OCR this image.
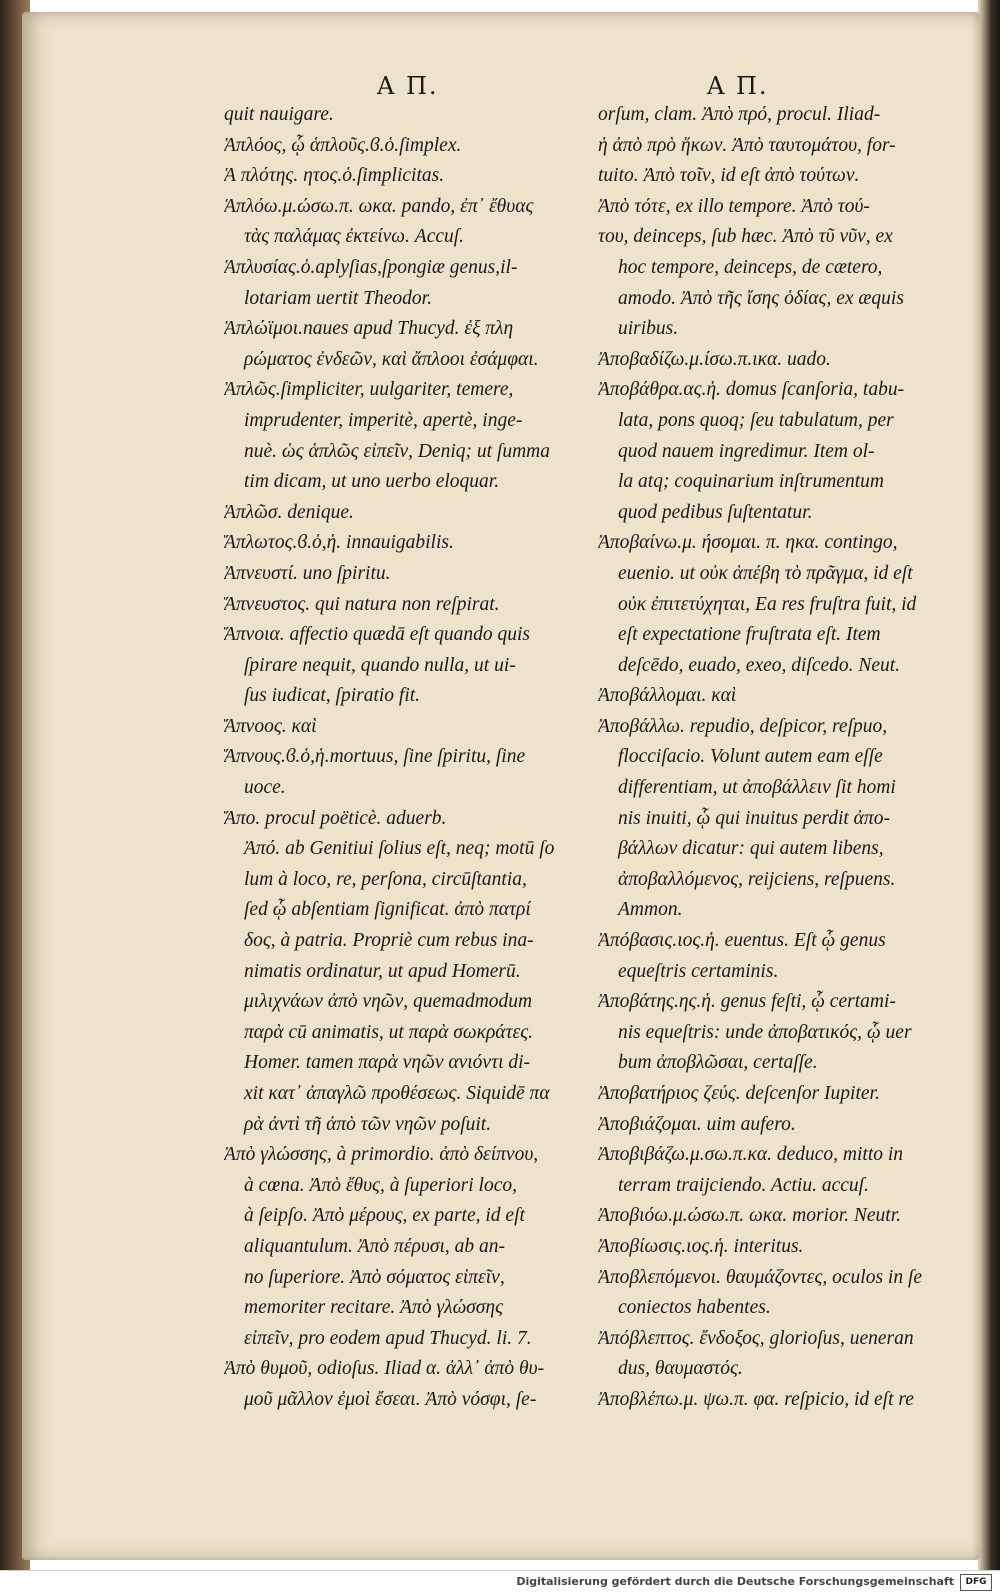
A Π.	A Π.
quit nauigare.
Ἁπλόος, ᾧ ἁπλοῦς.ϐ.ὁ.ſimplex.
Ἁ πλότης. ητος.ὁ.ſimplicitas.
Ἁπλόω.μ.ώσω.π. ωκα. pando, ἐπ᾿ ἔθυας
τὰς παλάμας ἐκτείνω. Accuſ.
Ἁπλυσίας.ὁ.aplyſias,ſpongiæ genus,il-
lotariam uertit Theodor.
Ἁπλώϊμοι.naues apud Thucyd. ἐξ πλη
ρώματος ἐνδεῶν, καὶ ἄπλοοι ἐσάμφαι.
Ἁπλῶς.ſimpliciter, uulgariter, temere,
imprudenter, imperitè, apertè, inge-
nuè. ὡς ἁπλῶς εἰπεῖν, Deniq; ut ſumma
tim dicam, ut uno uerbo eloquar.
Ἁπλῶσ. denique.
Ἄπλωτος.ϐ.ὁ,ἡ. innauigabilis.
Ἀπνευστί. uno ſpiritu.
Ἄπνευστος. qui natura non reſpirat.
Ἄπνοια. affectio quædā eſt quando quis
ſpirare nequit, quando nulla, ut ui-
ſus iudicat, ſpiratio fit.
Ἄπνοος. καὶ
Ἄπνους.ϐ.ὁ,ἡ.mortuus, ſine ſpiritu, ſine
uoce.
Ἄπο. procul poëticè. aduerb.
Ἀπό. ab Genitiui ſolius eſt, neq; motū ſo
lum à loco, re, perſona, circūſtantia,
ſed ᾧ abſentiam ſignificat. ἀπὸ πατρί
δος, à patria. Propriè cum rebus ina-
nimatis ordinatur, ut apud Homerū.
μιλιχνάων ἀπὸ νηῶν, quemadmodum
παρὰ cū animatis, ut παρὰ σωκράτες.
Homer. tamen παρὰ νηῶν ανιόντι di-
xit κατ᾿ ἀπαγλῶ προθέσεως. Siquidē πα
ρὰ ἀντὶ τῆ ἀπὸ τῶν νηῶν poſuit.
Ἀπὸ γλώσσης, à primordio. ἀπὸ δείπνου,
à cœna. Ἀπὸ ἔθυς, à ſuperiori loco,
à ſeipſo. Ἀπὸ μέρους, ex parte, id eſt
aliquantulum. Ἀπὸ πέρυσι, ab an-
no ſuperiore. Ἀπὸ σόματος εἰπεῖν,
memoriter recitare. Ἀπὸ γλώσσης
εἰπεῖν, pro eodem apud Thucyd. li. 7.
Ἀπὸ θυμοῦ, odioſus. Iliad α. ἀλλ᾿ ἀπὸ θυ-
μοῦ μᾶλλον ἐμοὶ ἔσεαι. Ἀπὸ νόσφι, ſe-
orſum, clam. Ἀπὸ πρό, procul. Iliad-
ἡ ἀπὸ πρὸ ἥκων. Ἀπὸ ταυτομάτου, for-
tuito. Ἀπὸ τοῖν, id eſt ἀπὸ τούτων.
Ἀπὸ τότε, ex illo tempore. Ἀπὸ τού-
του, deinceps, ſub hæc. Ἀπὸ τῦ νῦν, ex
hoc tempore, deinceps, de cætero,
amodo. Ἀπὸ τῆς ἴσης ὁδίας, ex æquis
uiribus.
Ἀποβαδίζω.μ.ίσω.π.ικα. uado.
Ἀποβάθρα.ας.ἡ. domus ſcanſoria, tabu-
lata, pons quoq; ſeu tabulatum, per
quod nauem ingredimur. Item ol-
la atq; coquinarium inſtrumentum
quod pedibus ſuſtentatur.
Ἀποβαίνω.μ. ήσομαι. π. ηκα. contingo,
euenio. ut οὐκ ἀπέβη τὸ πρᾶγμα, id eſt
οὐκ ἐπιτετύχηται, Ea res fruſtra fuit, id
eſt expectatione fruſtrata eſt. Item
deſcēdo, euado, exeo, diſcedo. Neut.
Ἀποβάλλομαι. καὶ
Ἀποβάλλω. repudio, deſpicor, reſpuo,
flocciſacio. Volunt autem eam eſſe
differentiam, ut ἀποβάλλειν ſit homi
nis inuiti, ᾧ qui inuitus perdit ἀπο-
βάλλων dicatur: qui autem libens,
ἀποβαλλόμενος, reijciens, reſpuens.
Ammon.
Ἀπόβασις.ιος.ἡ. euentus. Eſt ᾧ genus
equeſtris certaminis.
Ἀποβάτης.ης.ἡ. genus feſti, ᾧ certami-
nis equeſtris: unde ἀποβατικός, ᾧ uer
bum ἀποβλῶσαι, certaſſe.
Ἀποβατήριος ζεύς. deſcenſor Iupiter.
Ἀποβιάζομαι. uim aufero.
Ἀποβιβάζω.μ.σω.π.κα. deduco, mitto in
terram traijciendo. Actiu. accuſ.
Ἀποβιόω.μ.ώσω.π. ωκα. morior. Neutr.
Ἀποβίωσις.ιος.ἡ. interitus.
Ἀποβλεπόμενοι. θαυμάζοντες, oculos in ſe
coniectos habentes.
Ἀπόβλεπτος. ἔνδοξος, glorioſus, ueneran
dus, θαυμαστός.
Ἀποβλέπω.μ. ψω.π. φα. reſpicio, id eſt re
Digitalisierung gefördert durch die Deutsche Forschungsgemeinschaft	DFG
